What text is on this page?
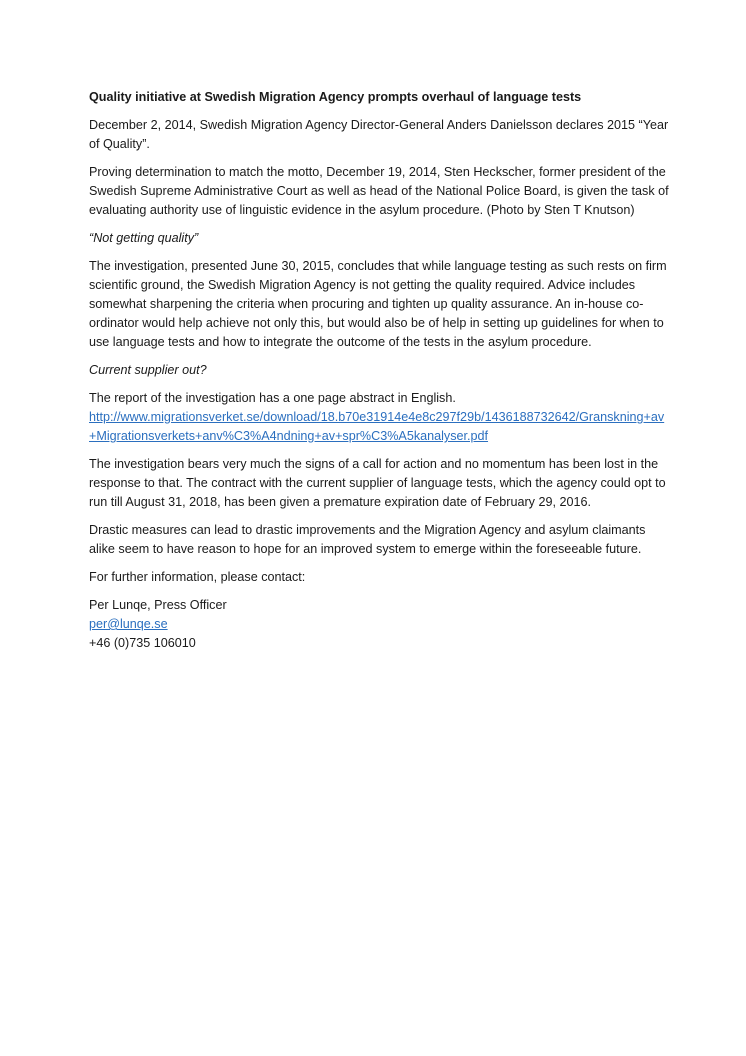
Quality initiative at Swedish Migration Agency prompts overhaul of language tests

December 2, 2014, Swedish Migration Agency Director-General Anders Danielsson declares 2015 “Year of Quality”.

Proving determination to match the motto, December 19, 2014, Sten Heckscher, former president of the Swedish Supreme Administrative Court as well as head of the National Police Board, is given the task of evaluating authority use of linguistic evidence in the asylum procedure. (Photo by Sten T Knutson)

“Not getting quality”

The investigation, presented June 30, 2015, concludes that while language testing as such rests on firm scientific ground, the Swedish Migration Agency is not getting the quality required. Advice includes somewhat sharpening the criteria when procuring and tighten up quality assurance. An in-house co-ordinator would help achieve not only this, but would also be of help in setting up guidelines for when to use language tests and how to integrate the outcome of the tests in the asylum procedure.

Current supplier out?

The report of the investigation has a one page abstract in English.
http://www.migrationsverket.se/download/18.b70e31914e4e8c297f29b/1436188732642/Granskning+av+Migrationsverkets+anv%C3%A4ndning+av+spr%C3%A5kanalyser.pdf

The investigation bears very much the signs of a call for action and no momentum has been lost in the response to that. The contract with the current supplier of language tests, which the agency could opt to run till August 31, 2018, has been given a premature expiration date of February 29, 2016.

Drastic measures can lead to drastic improvements and the Migration Agency and asylum claimants alike seem to have reason to hope for an improved system to emerge within the foreseeable future.

For further information, please contact:

Per Lunqe, Press Officer
per@lunqe.se
+46 (0)735 106010
